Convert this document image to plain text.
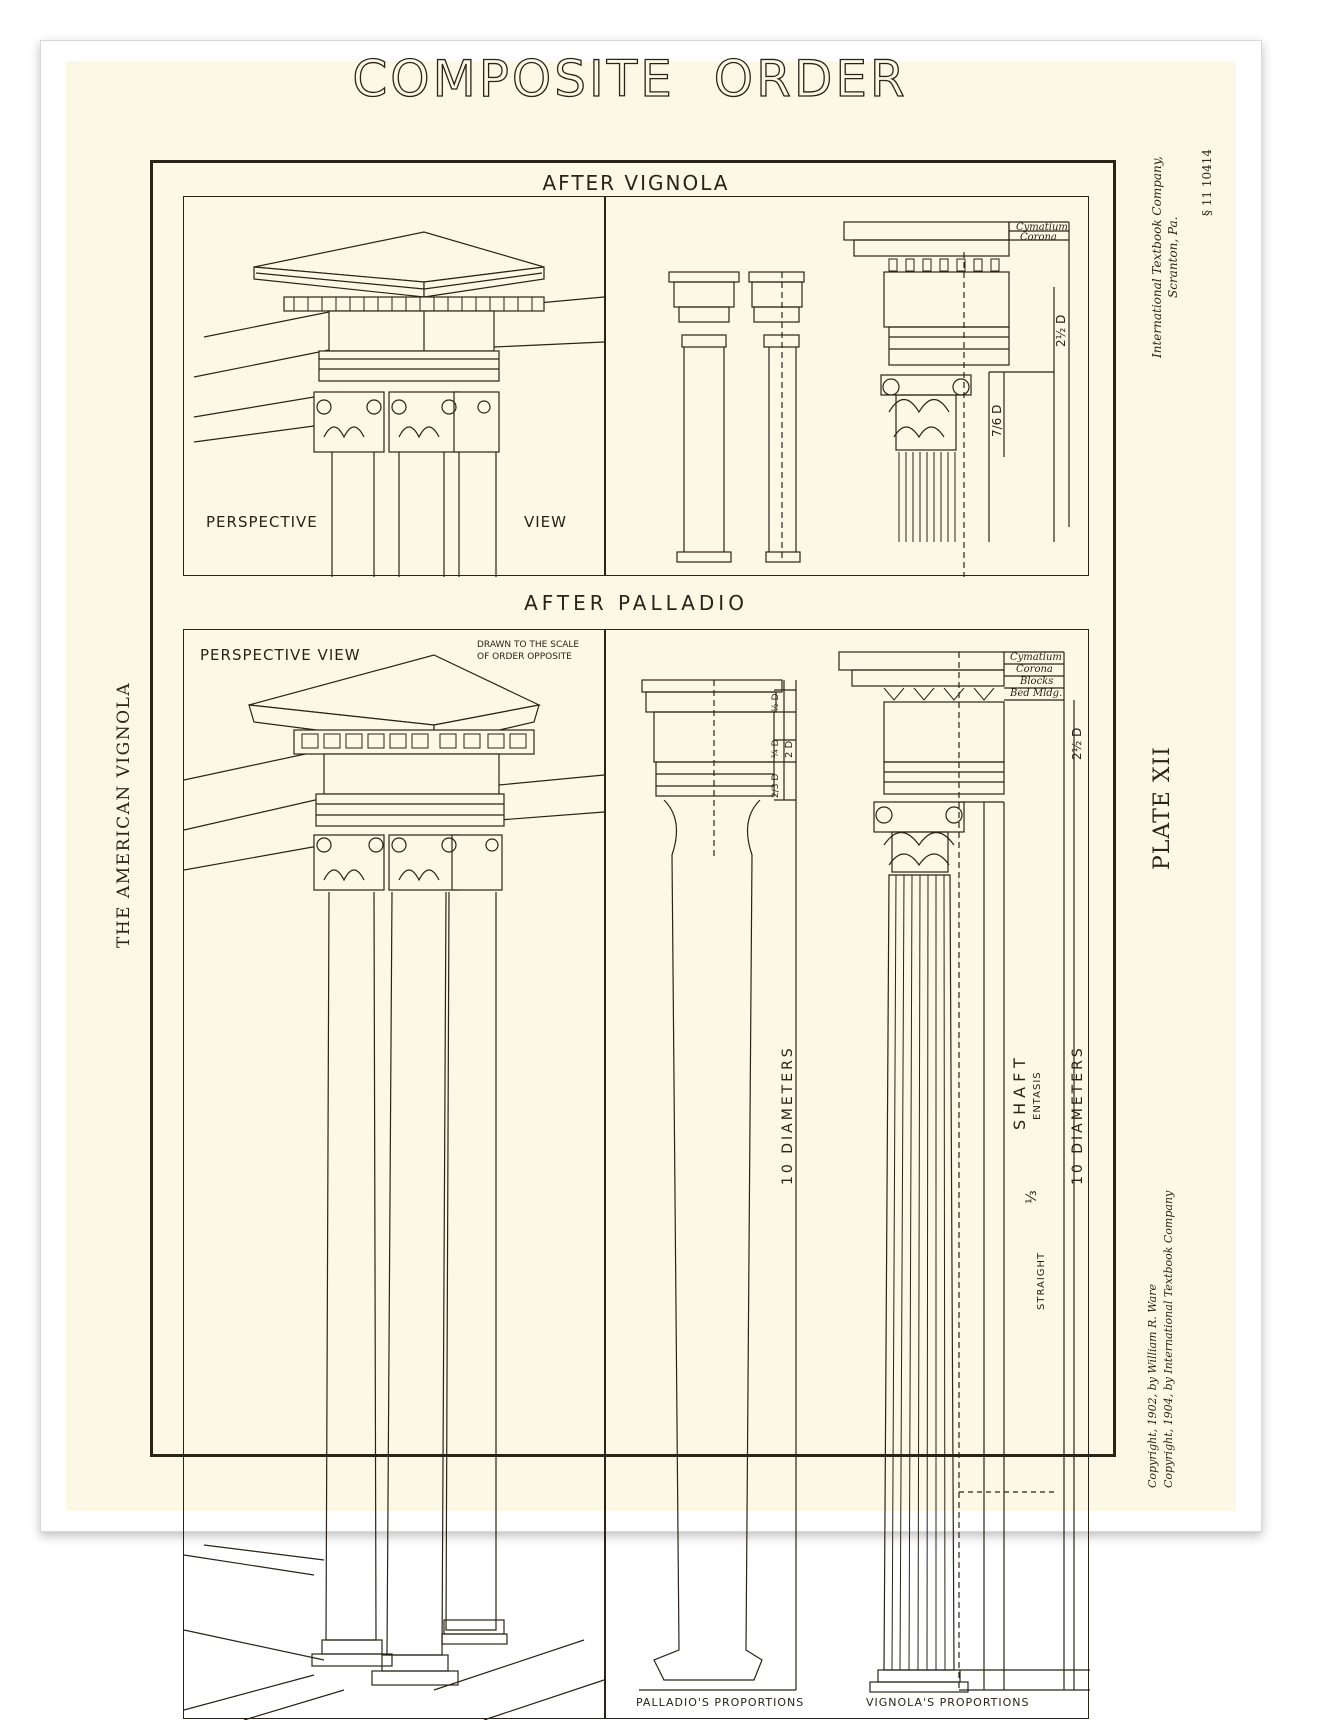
COMPOSITE ORDER
THE AMERICAN VIGNOLA
International Textbook Company, Scranton, Pa.
§ 11 10414
PLATE XII
Copyright, 1902, by William R. Ware Copyright, 1904, by International Textbook Company
AFTER VIGNOLA
AFTER PALLADIO
PERSPECTIVE	VIEW
Cymatium
Corona
2½ D
7/6 D
PERSPECTIVE VIEW
DRAWN TO THE SCALE
OF ORDER OPPOSITE	Cymatium
Corona
Blocks
Bed Mldg.
2½ D
½ D
¼ D 2 D
2/3 D
10 DIAMETERS	10 DIAMETERS
SHAFT ENTASIS
⅓
STRAIGHT
PALLADIO'S PROPORTIONS	VIGNOLA'S PROPORTIONS
